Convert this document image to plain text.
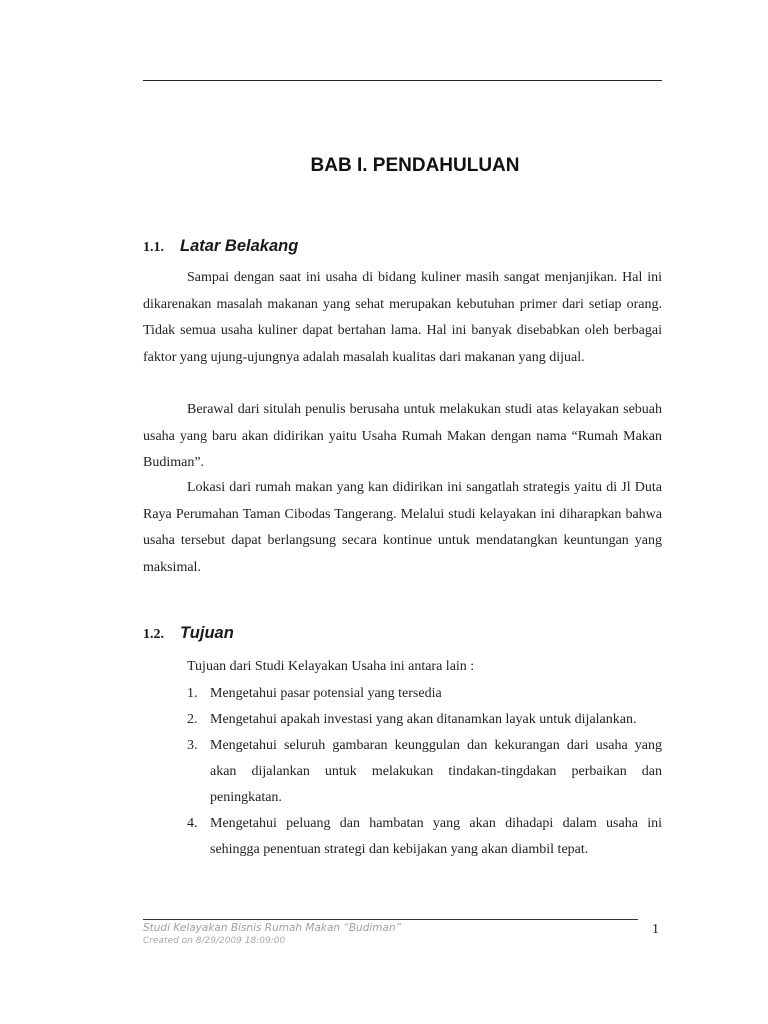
BAB I. PENDAHULUAN
1.1. Latar Belakang

Sampai dengan saat ini usaha di bidang kuliner masih sangat menjanjikan. Hal ini dikarenakan masalah makanan yang sehat merupakan kebutuhan primer dari setiap orang. Tidak semua usaha kuliner dapat bertahan lama. Hal ini banyak disebabkan oleh berbagai faktor yang ujung-ujungnya adalah masalah kualitas dari makanan yang dijual.

Berawal dari situlah penulis berusaha untuk melakukan studi atas kelayakan sebuah usaha yang baru akan didirikan yaitu Usaha Rumah Makan dengan nama “Rumah Makan Budiman”.

Lokasi dari rumah makan yang kan didirikan ini sangatlah strategis yaitu di Jl Duta Raya Perumahan Taman Cibodas Tangerang. Melalui studi kelayakan ini diharapkan bahwa usaha tersebut dapat berlangsung secara kontinue untuk mendatangkan keuntungan yang maksimal.

1.2. Tujuan
Tujuan dari Studi Kelayakan Usaha ini antara lain :
1. Mengetahui pasar potensial yang tersedia
2. Mengetahui apakah investasi yang akan ditanamkan layak untuk dijalankan.
3. Mengetahui seluruh gambaran keunggulan dan kekurangan dari usaha yang akan dijalankan untuk melakukan tindakan-tingdakan perbaikan dan peningkatan.
4. Mengetahui peluang dan hambatan yang akan dihadapi dalam usaha ini sehingga penentuan strategi dan kebijakan yang akan diambil tepat.
Studi Kelayakan Bisnis Rumah Makan “Budiman”
Created on 8/29/2009 18:09:00
1
